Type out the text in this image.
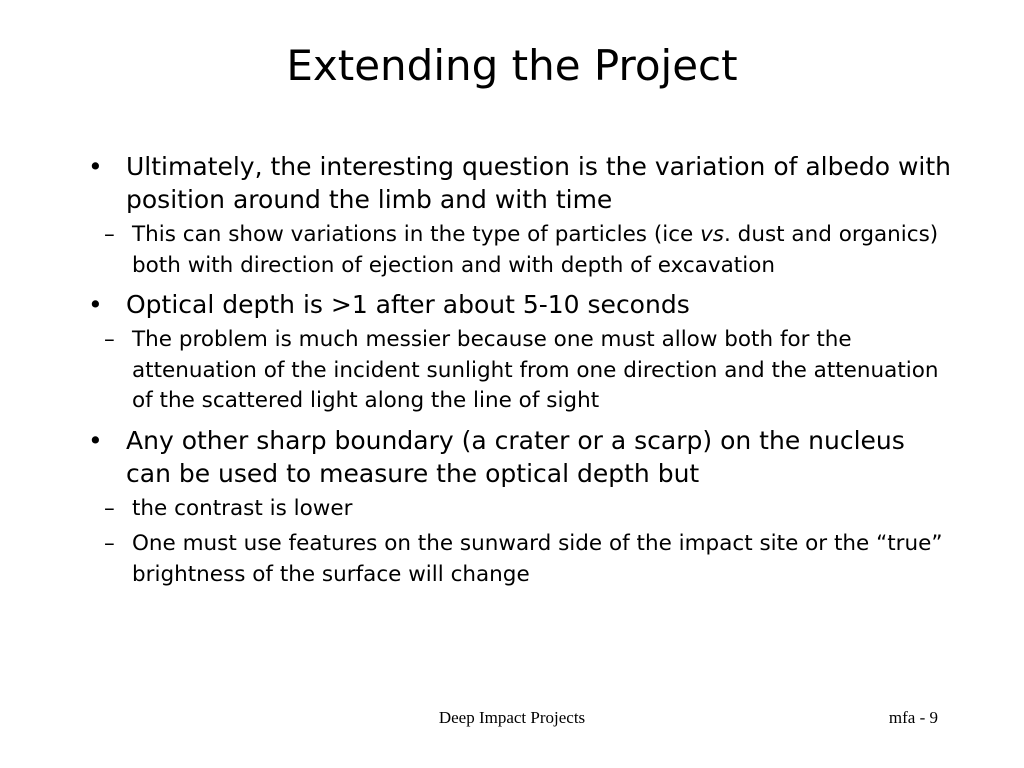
Extending the Project
• Ultimately, the interesting question is the variation of albedo with position around the limb and with time
– This can show variations in the type of particles (ice vs. dust and organics) both with direction of ejection and with depth of excavation
• Optical depth is >1 after about 5-10 seconds
– The problem is much messier because one must allow both for the attenuation of the incident sunlight from one direction and the attenuation of the scattered light along the line of sight
• Any other sharp boundary (a crater or a scarp) on the nucleus can be used to measure the optical depth but
– the contrast is lower
– One must use features on the sunward side of the impact site or the “true” brightness of the surface will change
Deep Impact Projects	mfa - 9
